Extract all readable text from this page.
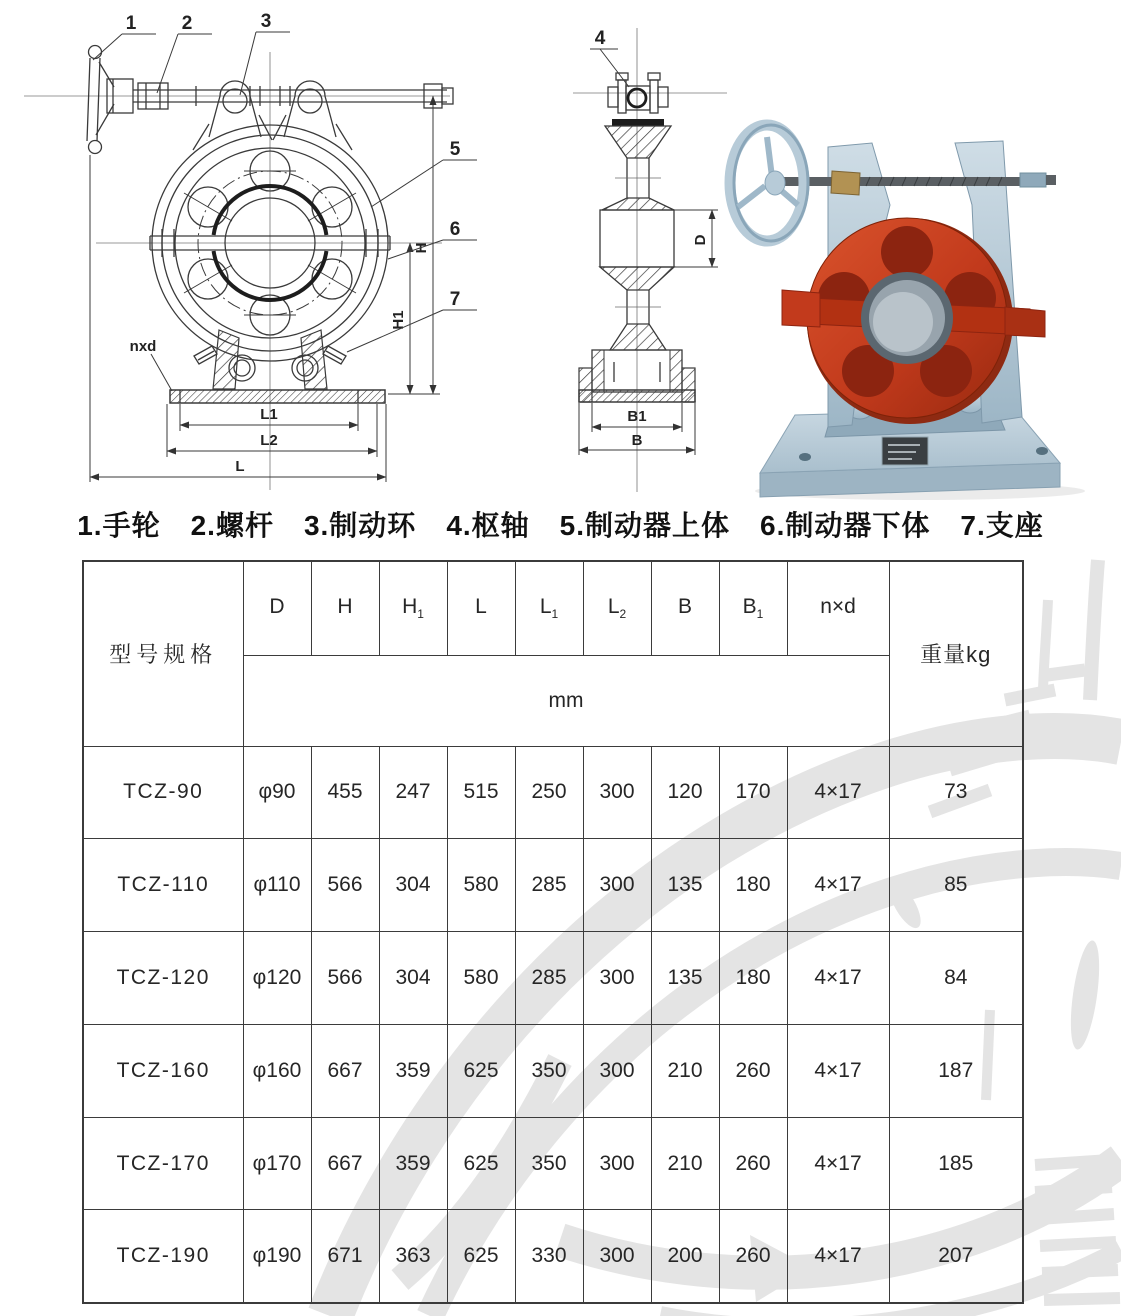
L1
L2
L
H
H1
1 2	3
5
6
7
nxd
D
B1
B
4
1.手轮 2.螺杆 3.制动环 4.枢轴 5.制动器上体 6.制动器下体 7.支座
型号规格	D	H	$H_1$	L	$L_1$	$L_2$	B	$B_1$	n×d	重量kg
	mm									
TCZ-90	φ90	455	247	515	250	300	120	170	4×17	73
TCZ-110	φ110	566	304	580	285	300	135	180	4×17	85
TCZ-120	φ120	566	304	580	285	300	135	180	4×17	84
TCZ-160	φ160	667	359	625	350	300	210	260	4×17	187
TCZ-170	φ170	667	359	625	350	300	210	260	4×17	185
TCZ-190	φ190	671	363	625	330	300	200	260	4×17	207
